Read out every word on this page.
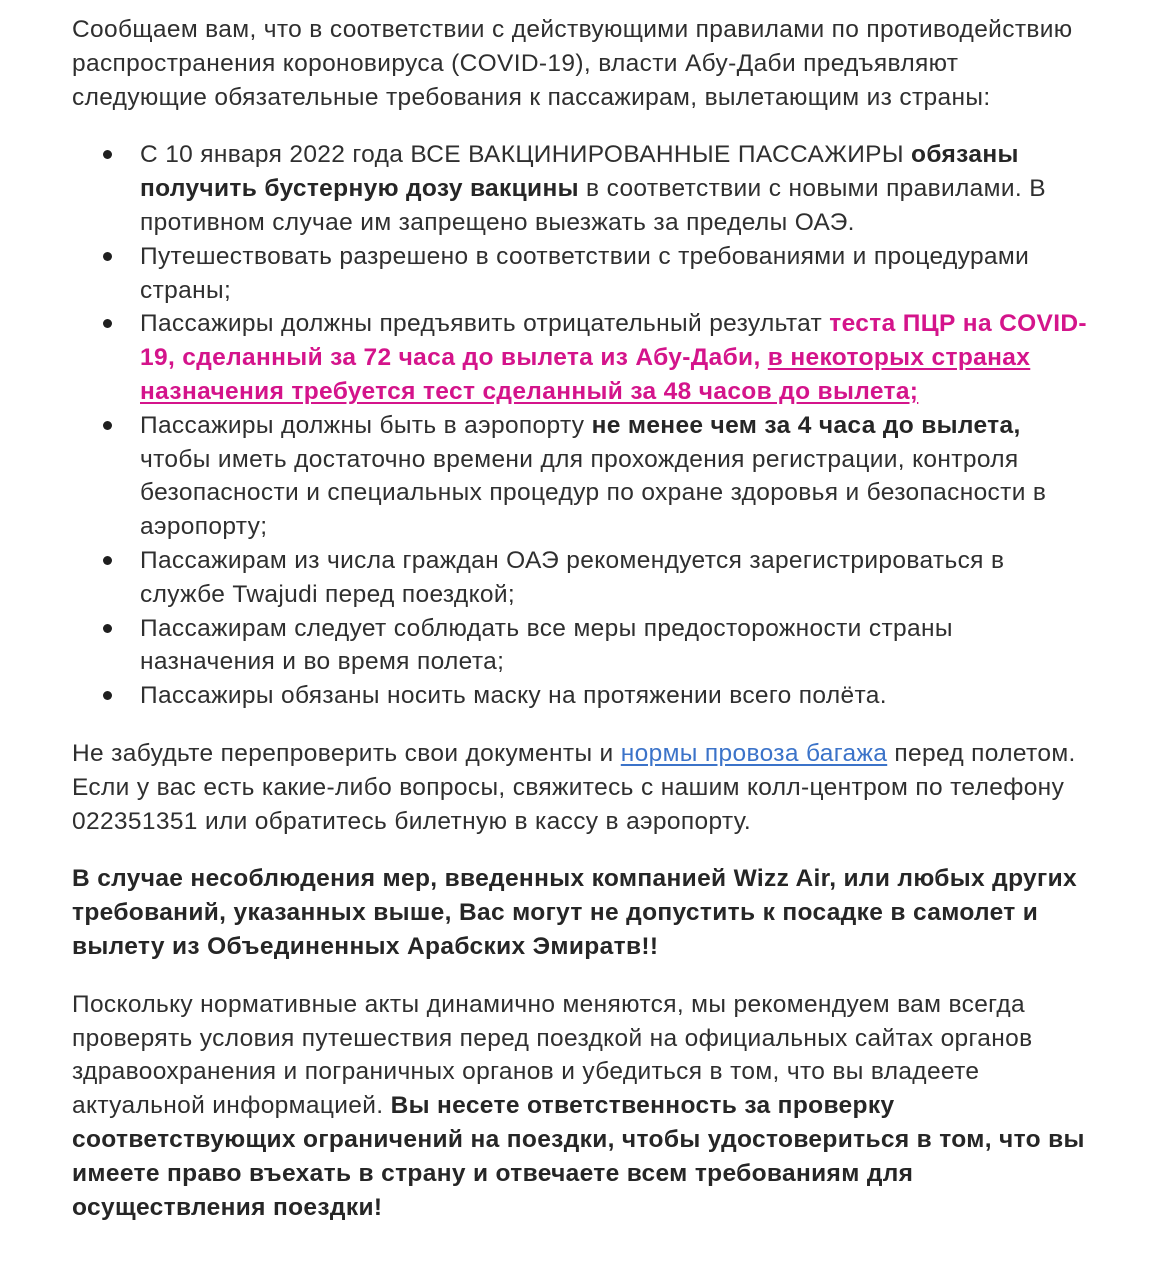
Сообщаем вам, что в соответствии с действующими правилами по противодействию распространения короновируса (COVID-19), власти Абу-Даби предъявляют следующие обязательные требования к пассажирам, вылетающим из страны:

С 10 января 2022 года ВСЕ ВАКЦИНИРОВАННЫЕ ПАССАЖИРЫ обязаны получить бустерную дозу вакцины в соответствии с новыми правилами. В противном случае им запрещено выезжать за пределы ОАЭ.
Путешествовать разрешено в соответствии с требованиями и процедурами страны;
Пассажиры должны предъявить отрицательный результат теста ПЦР на COVID-19, сделанный за 72 часа до вылета из Абу-Даби, в некоторых странах назначения требуется тест сделанный за 48 часов до вылета;
Пассажиры должны быть в аэропорту не менее чем за 4 часа до вылета, чтобы иметь достаточно времени для прохождения регистрации, контроля безопасности и специальных процедур по охране здоровья и безопасности в аэропорту;
Пассажирам из числа граждан ОАЭ рекомендуется зарегистрироваться в службе Twajudi перед поездкой;
Пассажирам следует соблюдать все меры предосторожности страны назначения и во время полета;
Пассажиры обязаны носить маску на протяжении всего полёта.

Не забудьте перепроверить свои документы и нормы провоза багажа перед полетом. Если у вас есть какие-либо вопросы, свяжитесь с нашим колл-центром по телефону 022351351 или обратитесь билетную в кассу в аэропорту.

В случае несоблюдения мер, введенных компанией Wizz Air, или любых других требований, указанных выше, Вас могут не допустить к посадке в самолет и вылету из Объединенных Арабских Эмиратв!!

Поскольку нормативные акты динамично меняются, мы рекомендуем вам всегда проверять условия путешествия перед поездкой на официальных сайтах органов здравоохранения и пограничных органов и убедиться в том, что вы владеете актуальной информацией. Вы несете ответственность за проверку соответствующих ограничений на поездки, чтобы удостовериться в том, что вы имеете право въехать в страну и отвечаете всем требованиям для осуществления поездки!
